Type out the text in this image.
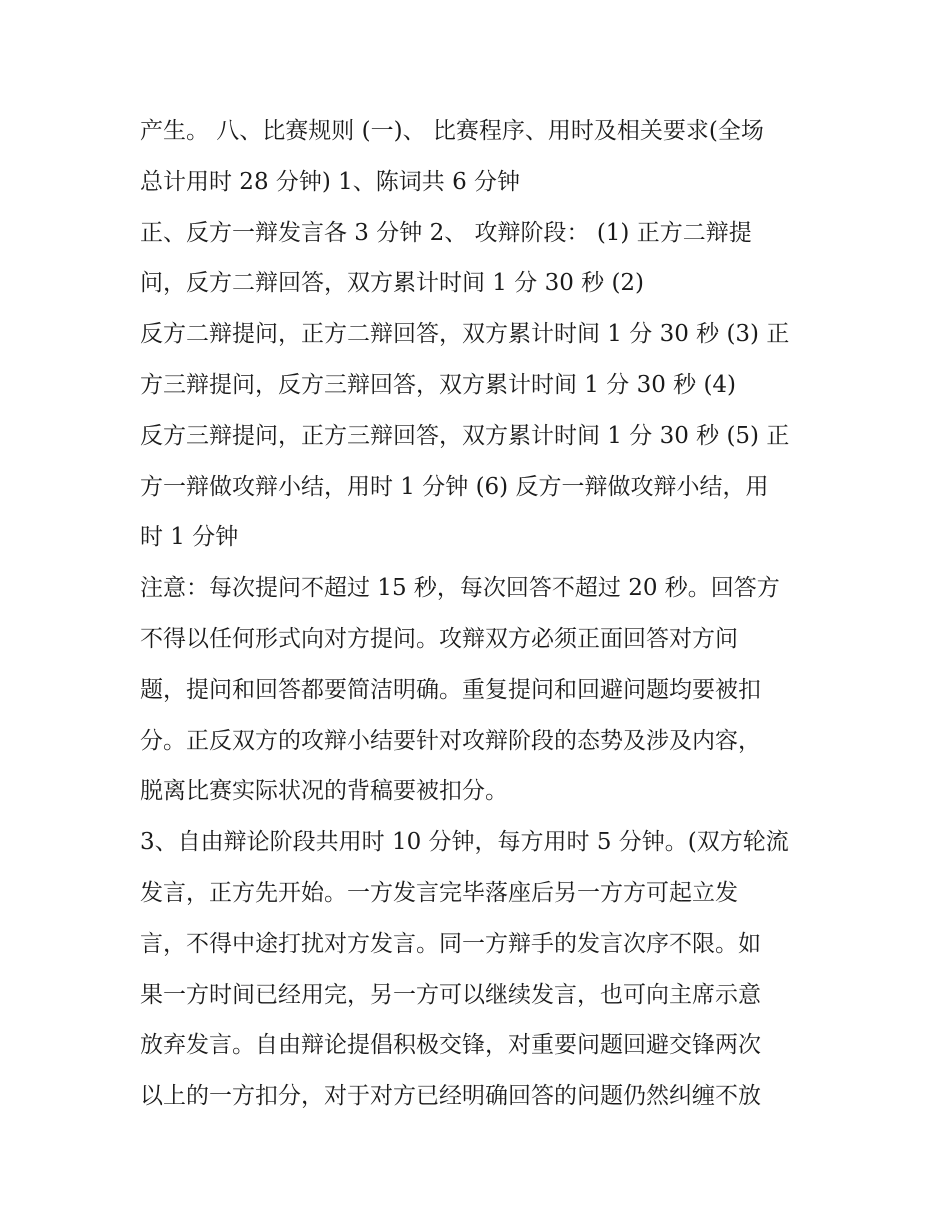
产生。 八、比赛规则 (一)、 比赛程序、用时及相关要求(全场
总计用时 28 分钟) 1、陈词共 6 分钟
正、反方一辩发言各 3 分钟 2、 攻辩阶段： (1) 正方二辩提
问，反方二辩回答，双方累计时间 1 分 30 秒 (2)
反方二辩提问，正方二辩回答，双方累计时间 1 分 30 秒 (3) 正
方三辩提问，反方三辩回答，双方累计时间 1 分 30 秒 (4)
反方三辩提问，正方三辩回答，双方累计时间 1 分 30 秒 (5) 正
方一辩做攻辩小结，用时 1 分钟 (6) 反方一辩做攻辩小结，用
时 1 分钟
注意：每次提问不超过 15 秒，每次回答不超过 20 秒。回答方
不得以任何形式向对方提问。攻辩双方必须正面回答对方问
题，提问和回答都要简洁明确。重复提问和回避问题均要被扣
分。正反双方的攻辩小结要针对攻辩阶段的态势及涉及内容，
脱离比赛实际状况的背稿要被扣分。
3、自由辩论阶段共用时 10 分钟，每方用时 5 分钟。(双方轮流
发言，正方先开始。一方发言完毕落座后另一方方可起立发
言，不得中途打扰对方发言。同一方辩手的发言次序不限。如
果一方时间已经用完，另一方可以继续发言，也可向主席示意
放弃发言。自由辩论提倡积极交锋，对重要问题回避交锋两次
以上的一方扣分，对于对方已经明确回答的问题仍然纠缠不放
